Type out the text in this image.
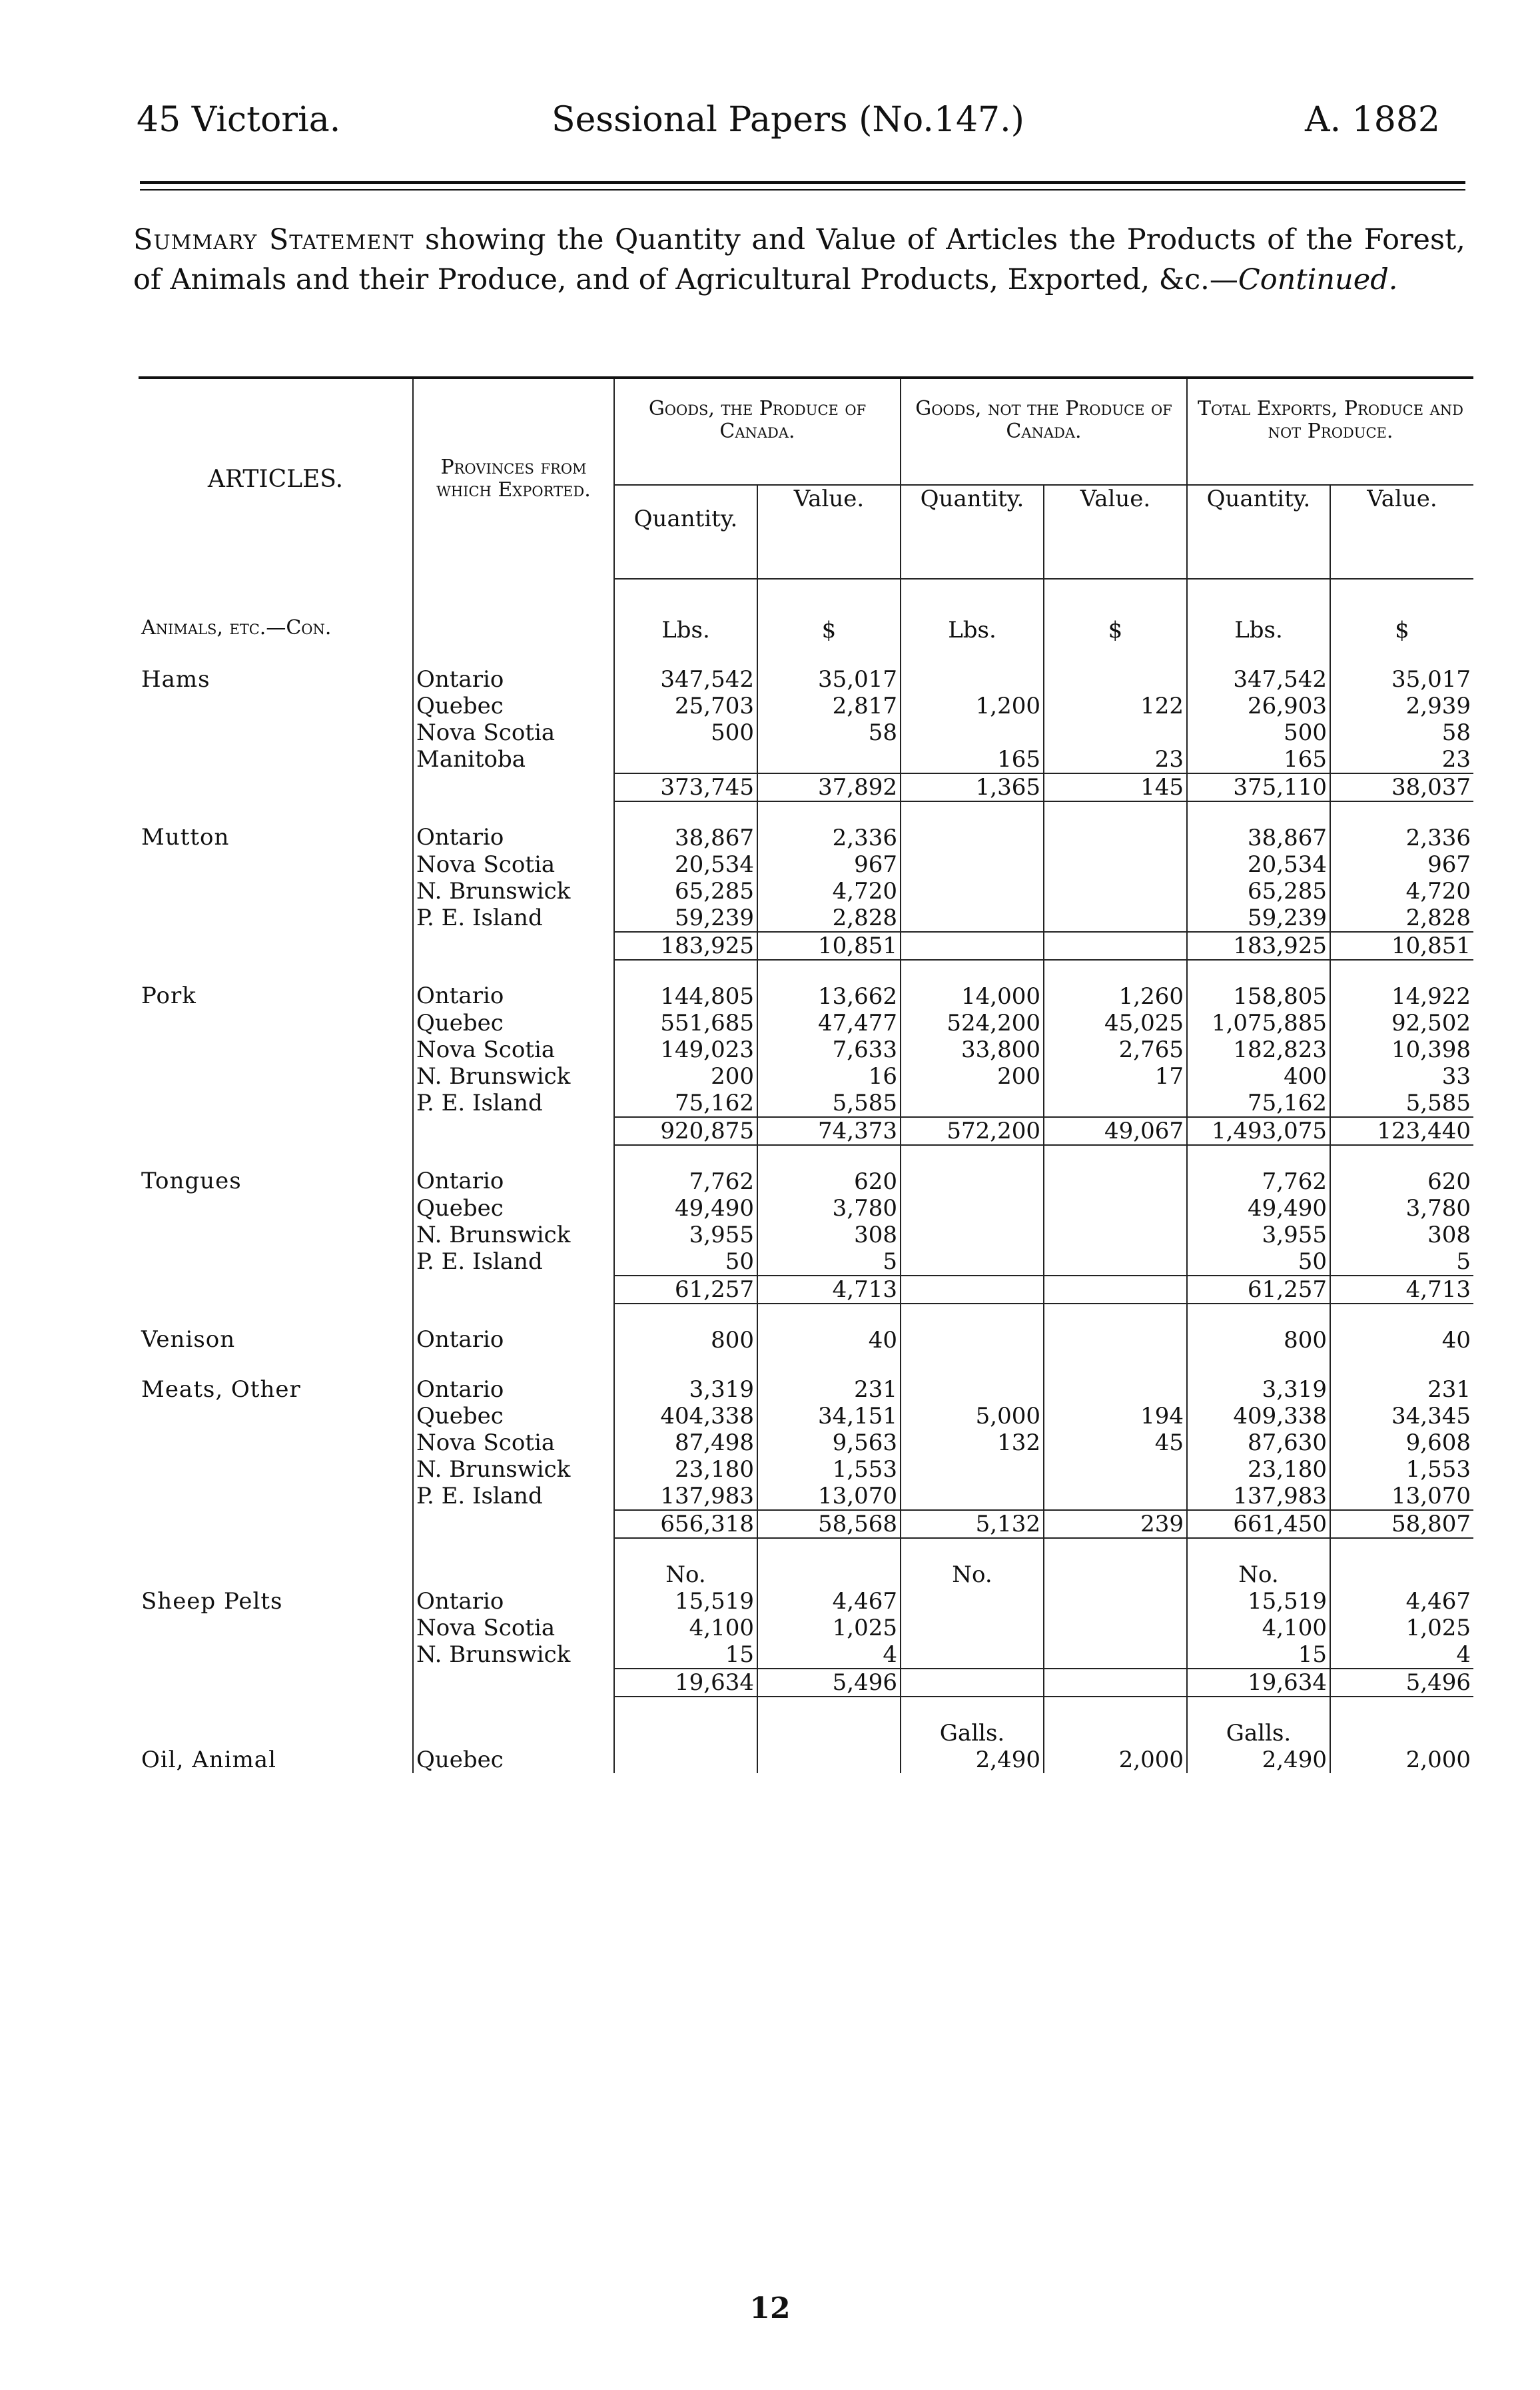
45 Victoria.	Sessional Papers (No.147.)	A. 1882
Summary Statement showing the Quantity and Value of Articles the Products of the Forest, of Animals and their Produce, and of Agricultural Products, Exported, &c.—Continued.
ARTICLES.	Provinces from which Exported.	Goods, the Produce of Canada.		Goods, not the Produce of Canada.		Total Exports, Produce and not Produce.	
		Quantity.	Value.	Quantity.	Value.	Quantity.	Value.
Animals, etc.—Con.		Lbs.	$	Lbs.	$	Lbs.	$
Hams	Ontario	347,542	35,017			347,542	35,017
	Quebec	25,703	2,817	1,200	122	26,903	2,939
	Nova Scotia	500	58			500	58
	Manitoba			165	23	165	23
		373,745	37,892	1,365	145	375,110	38,037
Mutton	Ontario	38,867	2,336			38,867	2,336
	Nova Scotia	20,534	967			20,534	967
	N. Brunswick	65,285	4,720			65,285	4,720
	P. E. Island	59,239	2,828			59,239	2,828
		183,925	10,851			183,925	10,851
Pork	Ontario	144,805	13,662	14,000	1,260	158,805	14,922
	Quebec	551,685	47,477	524,200	45,025	1,075,885	92,502
	Nova Scotia	149,023	7,633	33,800	2,765	182,823	10,398
	N. Brunswick	200	16	200	17	400	33
	P. E. Island	75,162	5,585			75,162	5,585
		920,875	74,373	572,200	49,067	1,493,075	123,440
Tongues	Ontario	7,762	620			7,762	620
	Quebec	49,490	3,780			49,490	3,780
	N. Brunswick	3,955	308			3,955	308
	P. E. Island	50	5			50	5
		61,257	4,713			61,257	4,713
Venison	Ontario	800	40			800	40
Meats, Other	Ontario	3,319	231			3,319	231
	Quebec	404,338	34,151	5,000	194	409,338	34,345
	Nova Scotia	87,498	9,563	132	45	87,630	9,608
	N. Brunswick	23,180	1,553			23,180	1,553
	P. E. Island	137,983	13,070			137,983	13,070
		656,318	58,568	5,132	239	661,450	58,807
		No.		No.		No.	
Sheep Pelts	Ontario	15,519	4,467			15,519	4,467
	Nova Scotia	4,100	1,025			4,100	1,025
	N. Brunswick	15	4			15	4
		19,634	5,496			19,634	5,496
				Galls.		Galls.	
Oil, Animal	Quebec			2,490	2,000	2,490	2,000
12
